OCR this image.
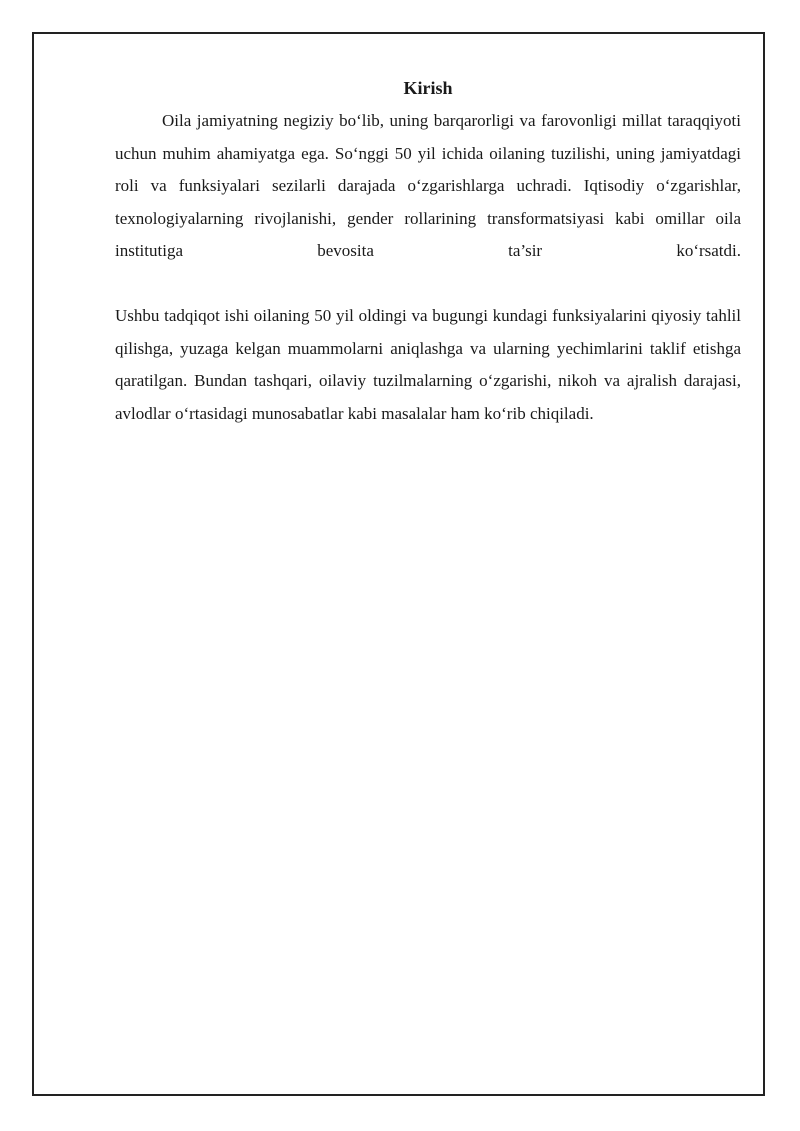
Kirish

Oila jamiyatning negiziy bo‘lib, uning barqarorligi va farovonligi millat taraqqiyoti uchun muhim ahamiyatga ega. So‘nggi 50 yil ichida oilaning tuzilishi, uning jamiyatdagi roli va funksiyalari sezilarli darajada o‘zgarishlarga uchradi. Iqtisodiy o‘zgarishlar, texnologiyalarning rivojlanishi, gender rollarining transformatsiyasi kabi omillar oila institutiga bevosita ta’sir ko‘rsatdi.

Ushbu tadqiqot ishi oilaning 50 yil oldingi va bugungi kundagi funksiyalarini qiyosiy tahlil qilishga, yuzaga kelgan muammolarni aniqlashga va ularning yechimlarini taklif etishga qaratilgan. Bundan tashqari, oilaviy tuzilmalarning o‘zgarishi, nikoh va ajralish darajasi, avlodlar o‘rtasidagi munosabatlar kabi masalalar ham ko‘rib chiqiladi.
